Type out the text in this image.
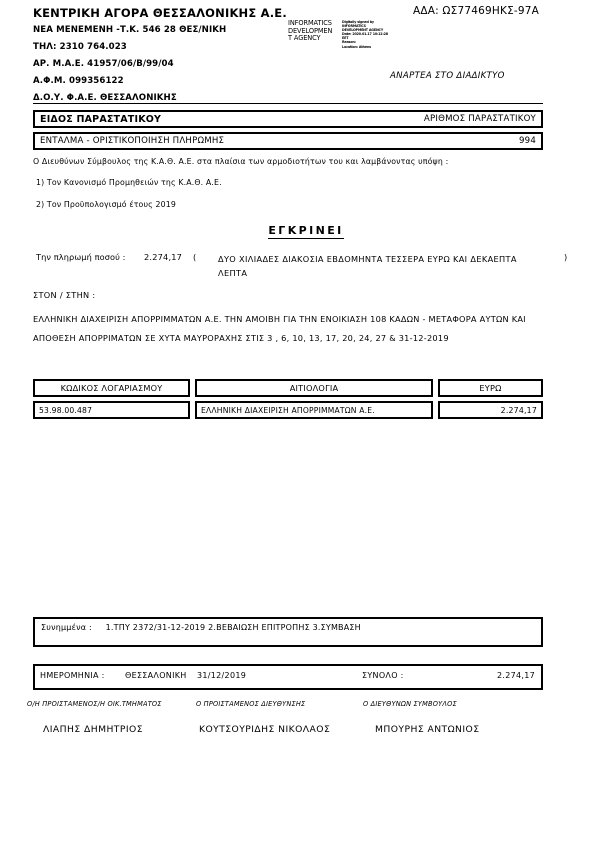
ΚΕΝΤΡΙΚΗ ΑΓΟΡΑ ΘΕΣΣΑΛΟΝΙΚΗΣ Α.Ε.
ΝΕΑ ΜΕΝΕΜΕΝΗ -Τ.Κ. 546 28 ΘΕΣ/ΝΙΚΗ
ΤΗΛ: 2310 764.023
ΑΡ. Μ.Α.Ε. 41957/06/Β/99/04
Α.Φ.Μ. 099356122
Δ.Ο.Υ. Φ.Α.Ε. ΘΕΣΣΑΛΟΝΙΚΗΣ
ΑΔΑ: ΩΣ77469ΗΚΣ-97Α
INFORMATICS
DEVELOPMEN
T AGENCY
Digitally signed by
INFORMATICS
DEVELOPMENT AGENCY
Date: 2020.01.17 10:12:28
EET
Reason:
Location: Athens
ΑΝΑΡΤΕΑ ΣΤΟ ΔΙΑΔΙΚΤΥΟ
ΕΙΔΟΣ ΠΑΡΑΣΤΑΤΙΚΟΥ	ΑΡΙΘΜΟΣ ΠΑΡΑΣΤΑΤΙΚΟΥ
ΕΝΤΑΛΜΑ - ΟΡΙΣΤΙΚΟΠΟΙΗΣΗ ΠΛΗΡΩΜΗΣ	994
Ο Διευθύνων Σύμβουλος της Κ.Α.Θ. Α.Ε. στα πλαίσια των αρμοδιοτήτων του και λαμβάνοντας υπόψη :
1) Τον Κανονισμό Προμηθειών της Κ.Α.Θ. Α.Ε.
2) Τον Προϋπολογισμό έτους 2019
ΕΓΚΡΙΝΕΙ
Την πληρωμή ποσού : 2.274,17 (	ΔΥΟ ΧΙΛΙΑΔΕΣ ΔΙΑΚΟΣΙΑ ΕΒΔΟΜΗΝΤΑ ΤΕΣΣΕΡΑ ΕΥΡΩ ΚΑΙ ΔΕΚΑΕΠΤΑ ΛΕΠΤΑ
)
ΣΤΟΝ / ΣΤΗΝ :
ΕΛΛΗΝΙΚΗ ΔΙΑΧΕΙΡΙΣΗ ΑΠΟΡΡΙΜΜΑΤΩΝ Α.Ε. ΤΗΝ ΑΜΟΙΒΗ ΓΙΑ ΤΗΝ ΕΝΟΙΚΙΑΣΗ 108 ΚΑΔΩΝ - ΜΕΤΑΦΟΡΑ ΑΥΤΩΝ ΚΑΙ ΑΠΟΘΕΣΗ ΑΠΟΡΡΙΜΑΤΩΝ ΣΕ ΧΥΤΑ ΜΑΥΡΟΡΑΧΗΣ ΣΤΙΣ 3 , 6, 10, 13, 17, 20, 24, 27 & 31-12-2019
ΚΩΔΙΚΟΣ ΛΟΓΑΡΙΑΣΜΟΥ	ΑΙΤΙΟΛΟΓΙΑ	ΕΥΡΩ
53.98.00.487	ΕΛΛΗΝΙΚΗ ΔΙΑΧΕΙΡΙΣΗ ΑΠΟΡΡΙΜΜΑΤΩΝ Α.Ε.	2.274,17
Συνημμένα : 1.ΤΠΥ 2372/31-12-2019 2.ΒΕΒΑΙΩΣΗ ΕΠΙΤΡΟΠΗΣ 3.ΣΥΜΒΑΣΗ
ΗΜΕΡΟΜΗΝΙΑ :	ΘΕΣΣΑΛΟΝΙΚΗ 31/12/2019	ΣΥΝΟΛΟ :	2.274,17
Ο/Η ΠΡΟΙΣΤΑΜΕΝΟΣ/Η ΟΙΚ.ΤΜΗΜΑΤΟΣ	Ο ΠΡΟΙΣΤΑΜΕΝΟΣ ΔΙΕΥΘΥΝΣΗΣ	Ο ΔΙΕΥΘΥΝΩΝ ΣΥΜΒΟΥΛΟΣ
ΛΙΑΠΗΣ ΔΗΜΗΤΡΙΟΣ	ΚΟΥΤΣΟΥΡΙΔΗΣ ΝΙΚΟΛΑΟΣ	ΜΠΟΥΡΗΣ ΑΝΤΩΝΙΟΣ
